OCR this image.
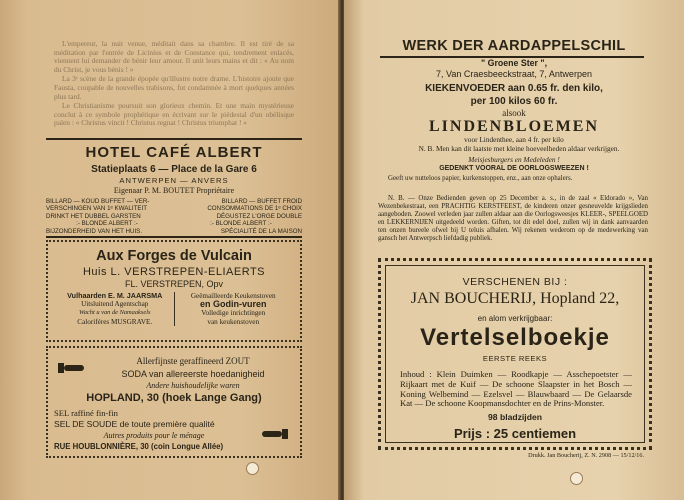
L'empereur, la nuit venue, méditait dans sa chambre. Il est tiré de sa méditation par l'entrée de Licinius et de Constance qui, tendrement enlacés, viennent lui demander de bénir leur amour. Il unit leurs mains et dit : « Au nom du Christ, je vous bénis ! »

La 3ᵉ scène de la grande épopée qu'illustre notre drame. L'histoire ajoute que Fausta, coupable de nouvelles trahisons, fut condamnée à mort quelques années plus tard.

Le Christianisme poursuit son glorieux chemin. Et une main mystérieuse conclut à ce symbole prophétique en écrivant sur le piédestal d'un obélisque païen : « Christus vincit ! Christus regnat ! Christus triumphat ! »

HOTEL CAFÉ ALBERT
Statieplaats 6 — Place de la Gare 6
ANTWERPEN — ANVERS
Eigenaar P. M. BOUTET Propriétaire
BILLARD — KOUD BUFFET — VER-
VERSCHINGEN VAN 1ᵉ KWALITEIT
DRINKT HET DUBBEL GARSTEN
:- BLONDE ALBERT :-
BIJZONDERHEID VAN HET HUIS.
BILLARD — BUFFET FROID
CONSOMMATIONS DE 1ᵉ CHOIX
DÉGUSTEZ L'ORGE DOUBLE
:- BLONDE ALBERT :-
SPÉCIALITÉ DE LA MAISON
Aux Forges de Vulcain
Huis L. VERSTREPEN-ELIAERTS
FL. VERSTREPEN, Opv
Vulhaarden E. M. JAARSMA
Uitsluitend Agentschap
Wacht u van de Namaaksels
Caloriféres MUSGRAVE.
Geëmailleerde Keukenstoven
en Godin-vuren
Volledige inrichtingen
van keukenstoven
Allerfijnste geraffineerd ZOUT
SODA van allereerste hoedanigheid
Andere huishoudelijke waren
HOPLAND, 30 (hoek Lange Gang)
SEL raffiné fin-fin
SEL DE SOUDE de toute première qualité
Autres produits pour le ménage
RUE HOUBLONNIÈRE, 30 (coin Longue Allée)
WERK DER AARDAPPELSCHIL
" Groene Ster ",
7, Van Craesbeeckstraat, 7, Antwerpen
KIEKENVOEDER aan 0.65 fr. den kilo,
per 100 kilos 60 fr.
alsook
LINDENBLOEMEN
voor Lindenthee, aan 4 fr. per kilo
N. B. Men kan dit laatste met kleine hoeveelheden aldaar verkrijgen.
Meisjesburgers en Medeleden !
GEDENKT VOORAL DE OORLOGSWEEZEN !

Geeft uw nutteloos papier, kurkenstoppen, enz., aan onze ophalers.

N. B. — Onze Bedienden geven op 25 December a. s., in de zaal « Eldorado », Van Wezenbekestraat, een PRACHTIG KERSTFEEST, de kinderen onzer gesneuvelde krijgslieden aangeboden. Zoowel verleden jaar zullen aldaar aan die Oorlogsweesjes KLEER-, SPEELGOED en LEKKERNIJEN uitgedeeld worden. Giften, tot dit edel doel, zullen wij in dank aanvaarden ten onzen bureele ofwel bij U teluis afhalen. Wij rekenen wederom op de medewerking van gansch het Antwerpsch liefdadig publiek.

VERSCHENEN BIJ :
JAN BOUCHERIJ, Hopland 22,
en alom verkrijgbaar:
Vertelselboekje
EERSTE REEKS
Inhoud : Klein Duimken — Roodkapje — Asschepoetster — Rijkaart met de Kuif — De schoone Slaapster in het Bosch — Koning Welbemind — Ezelsvel — Blauwbaard — De Gelaarsde Kat — De schoone Koopmansdochter en de Prins-Monster.
98 bladzijden
Prijs : 25 centiemen
Drukk. Jan Boucherij, Z. N. 2908 — 15/12/16.
